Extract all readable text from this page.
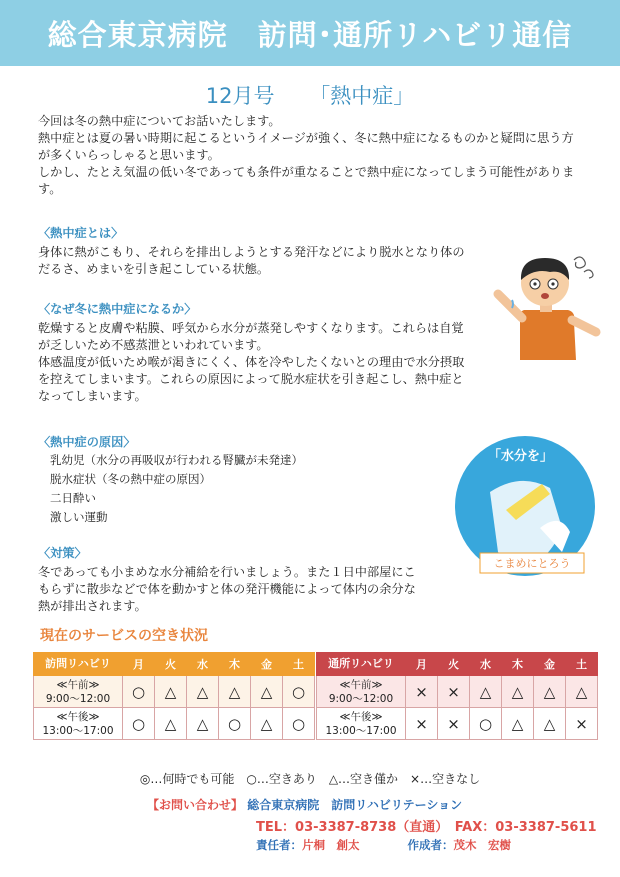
総合東京病院　訪問･通所リハビリ通信
12月号 「熱中症」
今回は冬の熱中症についてお話いたします。
熱中症とは夏の暑い時期に起こるというイメージが強く、冬に熱中症になるものかと疑問に思う方
が多くいらっしゃると思います。
しかし、たとえ気温の低い冬であっても条件が重なることで熱中症になってしまう可能性がありま
す。
〈熱中症とは〉
身体に熱がこもり、それらを排出しようとする発汗などにより脱水となり体の
だるさ、めまいを引き起こしている状態。
〈なぜ冬に熱中症になるか〉
乾燥すると皮膚や粘膜、呼気から水分が蒸発しやすくなります。これらは自覚
が乏しいため不感蒸泄といわれています。
体感温度が低いため喉が渇きにくく、体を冷やしたくないとの理由で水分摂取
を控えてしまいます。これらの原因によって脱水症状を引き起こし、熱中症と
なってしまいます。
〈熱中症の原因〉
乳幼児（水分の再吸収が行われる腎臓が未発達）
脱水症状（冬の熱中症の原因）
二日酔い
激しい運動
〈対策〉
冬であっても小まめな水分補給を行いましょう。また１日中部屋にこ
もらずに散歩などで体を動かすと体の発汗機能によって体内の余分な
熱が排出されます。
こまめにとろう
「水分を」
現在のサービスの空き状況
訪問リハビリ	月	火	水	木	金	土

≪午前≫
9:00～12:00	○	△	△	△	△	○

≪午後≫
13:00～17:00	○	△	△	○	△	○
通所リハビリ	月	火	水	木	金	土

≪午前≫
9:00～12:00	×	×	△	△	△	△

≪午後≫
13:00～17:00	×	×	○	△	△	×
◎…何時でも可能　○…空きあり　△…空き僅か　×…空きなし
【お問い合わせ】 総合東京病院　訪問リハビリテーション
TEL：03-3387-8738（直通）　FAX：03-3387-5611
責任者：片桐　創太	作成者：茂木　宏樹
